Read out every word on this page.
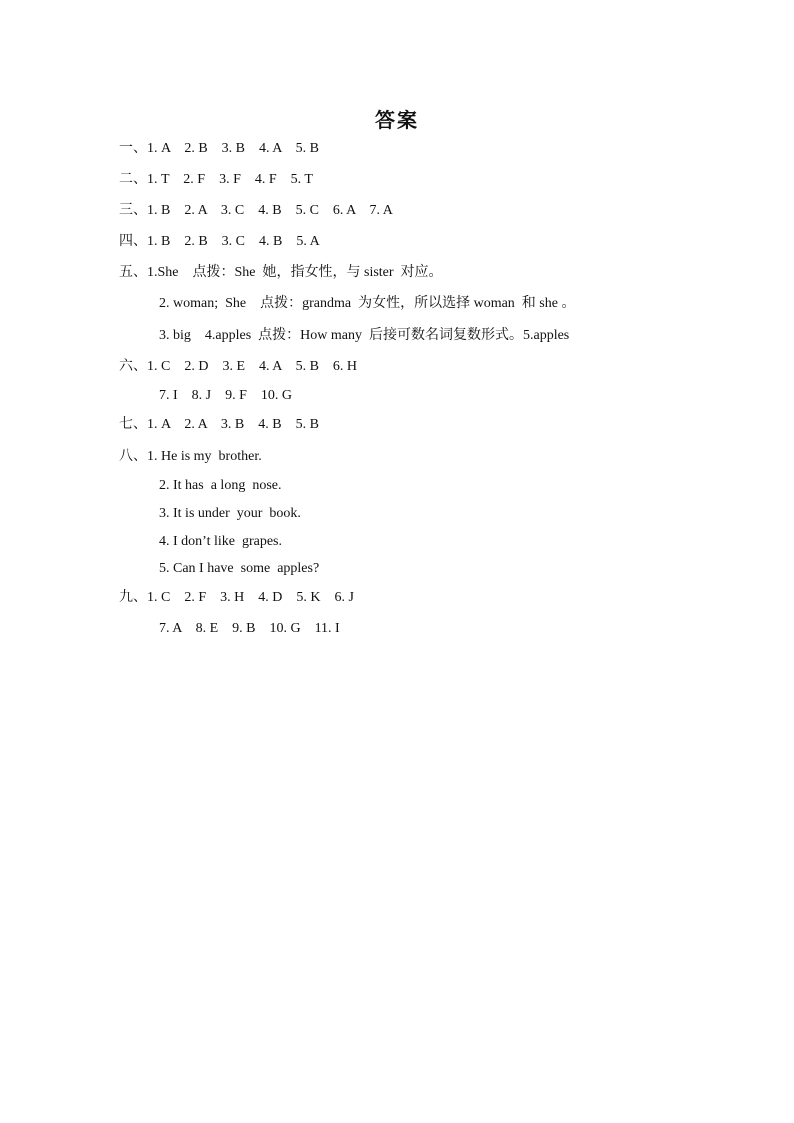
答案
一、1. A    2. B    3. B    4. A    5. B
二、1. T    2. F    3. F    4. F    5. T
三、1. B    2. A    3. C    4. B    5. C    6. A    7. A
四、1. B    2. B    3. C    4. B    5. A
五、1.She    点拨：She  她，指女性，与 sister  对应。
2. woman;  She    点拨：grandma  为女性，所以选择 woman  和 she 。
3. big    4.apples  点拨：How many  后接可数名词复数形式。5.apples
六、1. C    2. D    3. E    4. A    5. B    6. H
7. I    8. J    9. F    10. G
七、1. A    2. A    3. B    4. B    5. B
八、1. He is my  brother.
2. It has  a long  nose.
3. It is under  your  book.
4. I don’t like  grapes.
5. Can I have  some  apples?
九、1. C    2. F    3. H    4. D    5. K    6. J
7. A    8. E    9. B    10. G    11. I
